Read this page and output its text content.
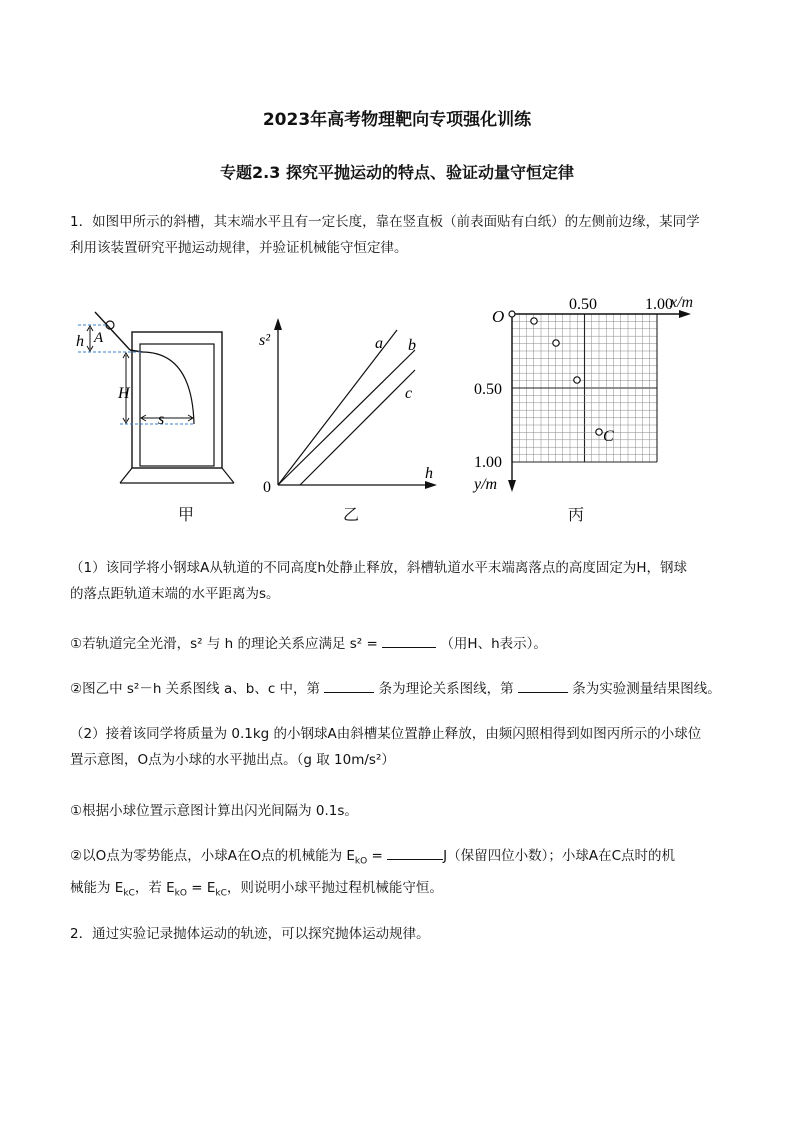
2023年高考物理靶向专项强化训练
专题2.3 探究平抛运动的特点、验证动量守恒定律
1．如图甲所示的斜槽，其末端水平且有一定长度，靠在竖直板（前表面贴有白纸）的左侧前边缘，某同学
利用该装置研究平抛运动规律，并验证机械能守恒定律。
h A
H
s
甲
s²
h
0
a b
c
乙
O
0.50	1.00
0.50
1.00
y/m
C
x/m
丙
（1）该同学将小钢球A从轨道的不同高度h处静止释放，斜槽轨道水平末端离落点的高度固定为H，钢球
的落点距轨道末端的水平距离为s。
①若轨道完全光滑，s² 与 h 的理论关系应满足 s² =	（用H、h表示）。
②图乙中 s²－h 关系图线 a、b、c 中，第	条为理论关系图线，第	条为实验测量结果图线。
（2）接着该同学将质量为 0.1kg 的小钢球A由斜槽某位置静止释放，由频闪照相得到如图丙所示的小球位
置示意图，O点为小球的水平抛出点。（g 取 10m/s²）
①根据小球位置示意图计算出闪光间隔为 0.1s。
②以O点为零势能点，小球A在O点的机械能为 $E_{kO}$ =	J（保留四位小数）；小球A在C点时的机
械能为 $E_{kC}$，若 $E_{kO} = E_{kC}$，则说明小球平抛过程机械能守恒。
2．通过实验记录抛体运动的轨迹，可以探究抛体运动规律。
